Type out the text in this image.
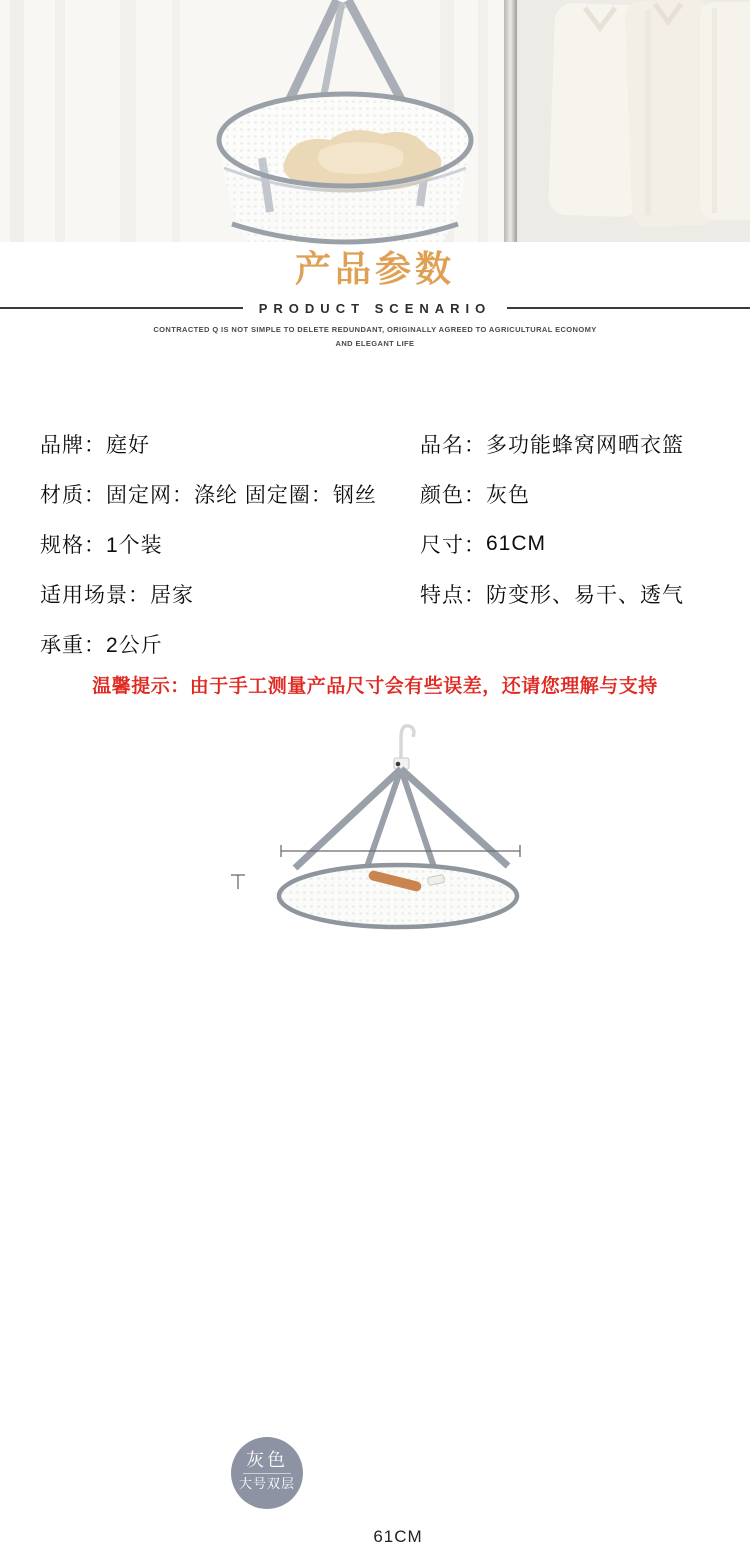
产品参数
PRODUCT SCENARIO

CONTRACTED Q IS NOT SIMPLE TO DELETE REDUNDANT, ORIGINALLY AGREED TO AGRICULTURAL ECONOMY AND ELEGANT LIFE

品牌： 庭好
材质： 固定网：涤纶 固定圈：钢丝
规格： 1个装
适用场景： 居家
承重： 2公斤
品名： 多功能蜂窝网晒衣篮
颜色： 灰色
尺寸： 61CM
特点： 防变形、易干、透气

温馨提示：由于手工测量产品尺寸会有些误差，还请您理解与支持

灰色
大号双层
61CM
